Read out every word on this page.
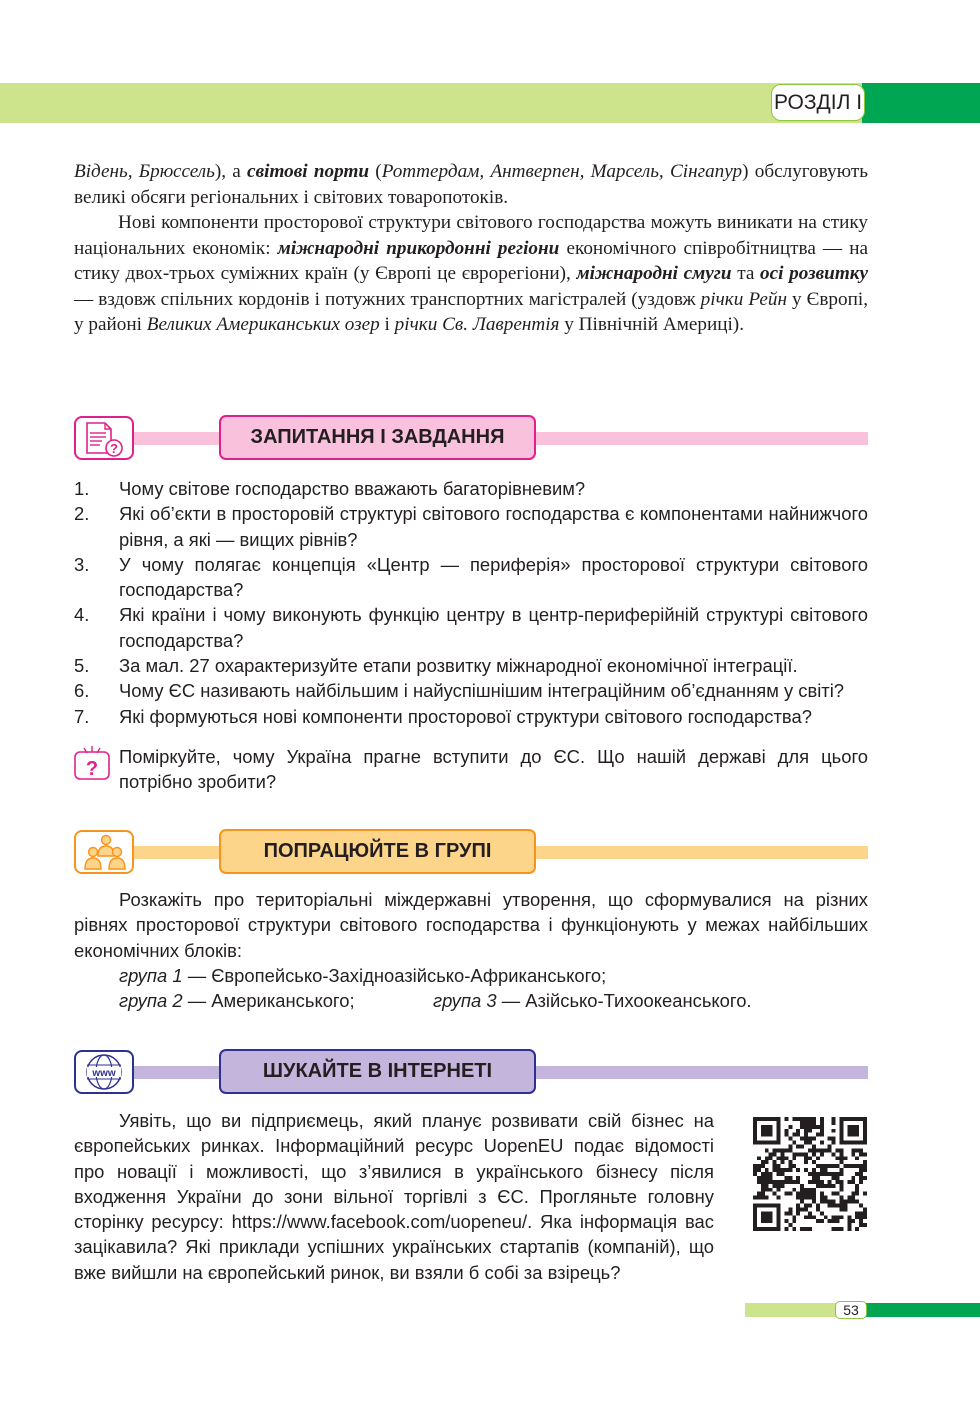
РОЗДІЛ І

Відень, Брюссель), а світові порти (Роттердам, Антверпен, Марсель, Сінгапур) обслуговують великі обсяги регіональних і світових товаропотоків.

Нові компоненти просторової структури світового господарства можуть виникати на стику національних економік: міжнародні прикордонні регіони економічного співробітництва — на стику двох-трьох суміжних країн (у Європі це єврорегіони), міжнародні смуги та осі розвитку — вздовж спільних кордонів і потужних транспортних магістралей (уздовж річки Рейн у Європі, у районі Великих Американських озер і річки Св. Лаврентія у Північній Америці).

?
ЗАПИТАННЯ І ЗАВДАННЯ
1. Чому світове господарство вважають багаторівневим?
2. Які об’єкти в просторовій структурі світового господарства є компонентами найнижчого рівня, а які — вищих рівнів?
3. У чому полягає концепція «Центр — периферія» просторової структури світового господарства?
4. Які країни і чому виконують функцію центру в центр-периферійній структурі світового господарства?
5. За мал. 27 охарактеризуйте етапи розвитку міжнародної економічної інтеграції.
6. Чому ЄС називають найбільшим і найуспішнішим інтеграційним об’єднанням у світі?
7. Які формуються нові компоненти просторової структури світового господарства?
?
Поміркуйте, чому Україна прагне вступити до ЄС. Що нашій державі для цього потрібно зробити?
ПОПРАЦЮЙТЕ В ГРУПІ

Розкажіть про територіальні міждержавні утворення, що сформувалися на різних рівнях просторової структури світового господарства і функціонують у межах найбільших економічних блоків:

група 1 — Європейсько-Західноазійсько-Африканського;
група 2 — Американського;	група 3 — Азійсько-Тихоокеанського.
www	ШУКАЙТЕ В ІНТЕРНЕТІ

Уявіть, що ви підприємець, який планує розвивати свій бізнес на європейських ринках. Інформаційний ресурс UopenEU подає відомості про новації і можливості, що з’явилися в українського бізнесу після входження України до зони вільної торгівлі з ЄС. Прогляньте головну сторінку ресурсу: https://www.facebook.com/uopeneu/. Яка інформація вас зацікавила? Які приклади успішних українських стартапів (компаній), що вже вийшли на європейський ринок, ви взяли б собі за взірець?

53
